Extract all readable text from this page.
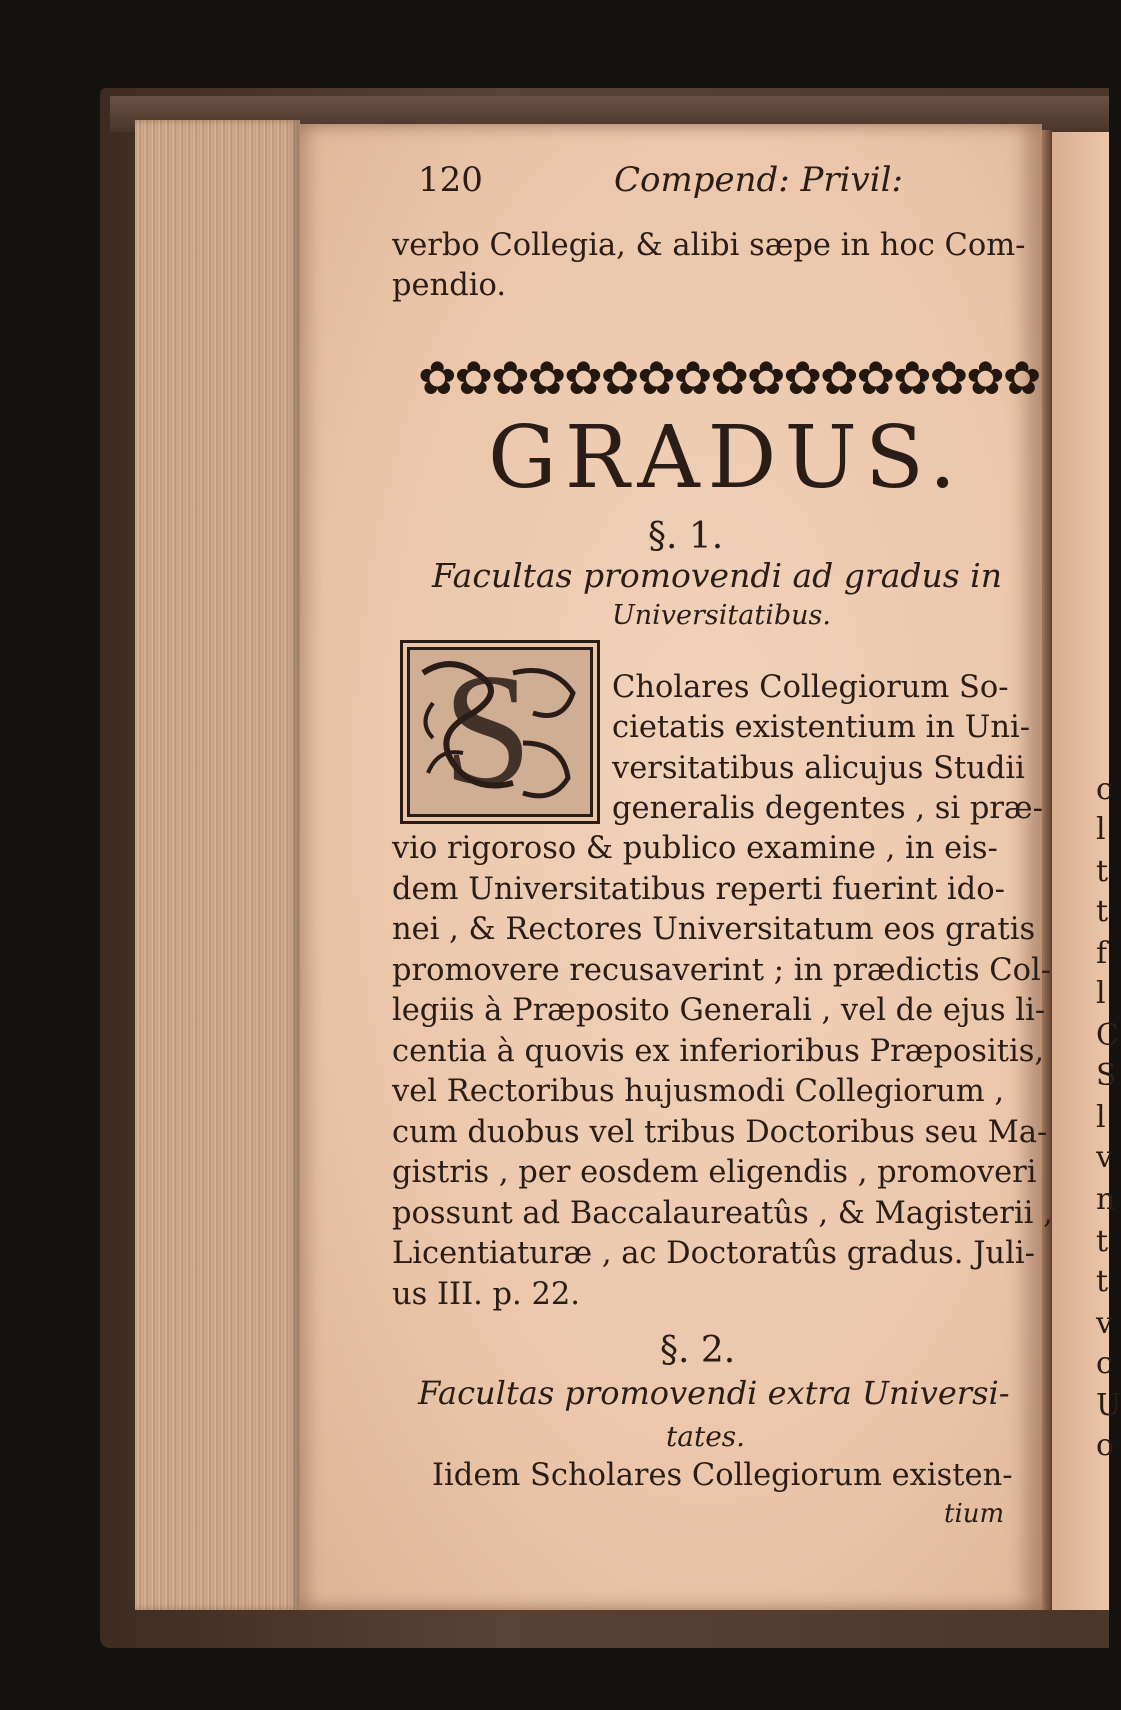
c
l
t
t
f
l
C
S
l
v
n
t
t
v
c
U
o
120	Compend: Privil:
verbo Collegia, & alibi sæpe in hoc Com-
pendio.
✿✿✿✿✿✿✿✿✿✿✿✿✿✿✿✿✿
GRADUS.
§. 1.
Facultas promovendi ad gradus in
Universitatibus.
S	Cholares Collegiorum So-
cietatis existentium in Uni-
versitatibus alicujus Studii
generalis degentes , si præ-
vio rigoroso & publico examine , in eis-
dem Universitatibus reperti fuerint ido-
nei , & Rectores Universitatum eos gratis
promovere recusaverint ; in prædictis Col-
legiis à Præposito Generali , vel de ejus li-
centia à quovis ex inferioribus Præpositis,
vel Rectoribus hujusmodi Collegiorum ,
cum duobus vel tribus Doctoribus seu Ma-
gistris , per eosdem eligendis , promoveri
possunt ad Baccalaureatûs , & Magisterii ,
Licentiaturæ , ac Doctoratûs gradus. Juli-
us III. p. 22.
§. 2.
Facultas promovendi extra Universi-
tates.
Iidem Scholares Collegiorum existen-
tium
